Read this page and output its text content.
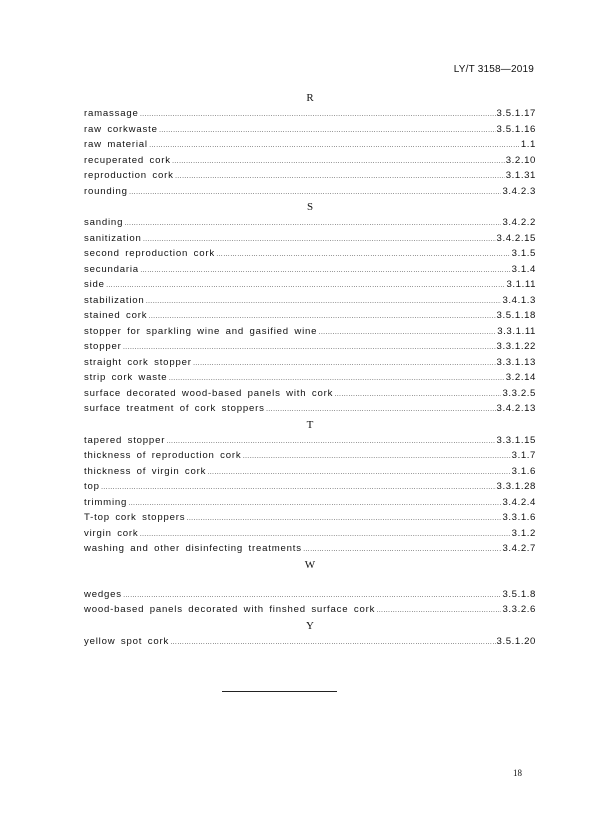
LY/T 3158—2019
R
ramassage ……………………………………………………………………………………………………………………………………………………………………………………………………	3.5.1.17
raw corkwaste ……………………………………………………………………………………………………………………………………………………………………………………………………	3.5.1.16
raw material ……………………………………………………………………………………………………………………………………………………………………………………………………	1.1
recuperated cork ……………………………………………………………………………………………………………………………………………………………………………………………………	3.2.10
reproduction cork ……………………………………………………………………………………………………………………………………………………………………………………………………	3.1.31
rounding ……………………………………………………………………………………………………………………………………………………………………………………………………	3.4.2.3
S
sanding ……………………………………………………………………………………………………………………………………………………………………………………………………	3.4.2.2
sanitization ……………………………………………………………………………………………………………………………………………………………………………………………………	3.4.2.15
second reproduction cork ……………………………………………………………………………………………………………………………………………………………………………………………………	3.1.5
secundaria ……………………………………………………………………………………………………………………………………………………………………………………………………	3.1.4
side ……………………………………………………………………………………………………………………………………………………………………………………………………	3.1.11
stabilization ……………………………………………………………………………………………………………………………………………………………………………………………………	3.4.1.3
stained cork ……………………………………………………………………………………………………………………………………………………………………………………………………	3.5.1.18
stopper for sparkling wine and gasified wine ……………………………………………………………………………………………………………………………………………………………………………………………………	3.3.1.11
stopper ……………………………………………………………………………………………………………………………………………………………………………………………………	3.3.1.22
straight cork stopper ……………………………………………………………………………………………………………………………………………………………………………………………………	3.3.1.13
strip cork waste ……………………………………………………………………………………………………………………………………………………………………………………………………	3.2.14
surface decorated wood-based panels with cork ……………………………………………………………………………………………………………………………………………………………………………………………………	3.3.2.5
surface treatment of cork stoppers ……………………………………………………………………………………………………………………………………………………………………………………………………	3.4.2.13
T
tapered stopper ……………………………………………………………………………………………………………………………………………………………………………………………………	3.3.1.15
thickness of reproduction cork ……………………………………………………………………………………………………………………………………………………………………………………………………	3.1.7
thickness of virgin cork ……………………………………………………………………………………………………………………………………………………………………………………………………	3.1.6
top ……………………………………………………………………………………………………………………………………………………………………………………………………	3.3.1.28
trimming ……………………………………………………………………………………………………………………………………………………………………………………………………	3.4.2.4
T-top cork stoppers ……………………………………………………………………………………………………………………………………………………………………………………………………	3.3.1.6
virgin cork ……………………………………………………………………………………………………………………………………………………………………………………………………	3.1.2
washing and other disinfecting treatments ……………………………………………………………………………………………………………………………………………………………………………………………………	3.4.2.7
W
wedges ……………………………………………………………………………………………………………………………………………………………………………………………………	3.5.1.8
wood-based panels decorated with finshed surface cork ……………………………………………………………………………………………………………………………………………………………………………………………………	3.3.2.6
Y
yellow spot cork ……………………………………………………………………………………………………………………………………………………………………………………………………	3.5.1.20
18
